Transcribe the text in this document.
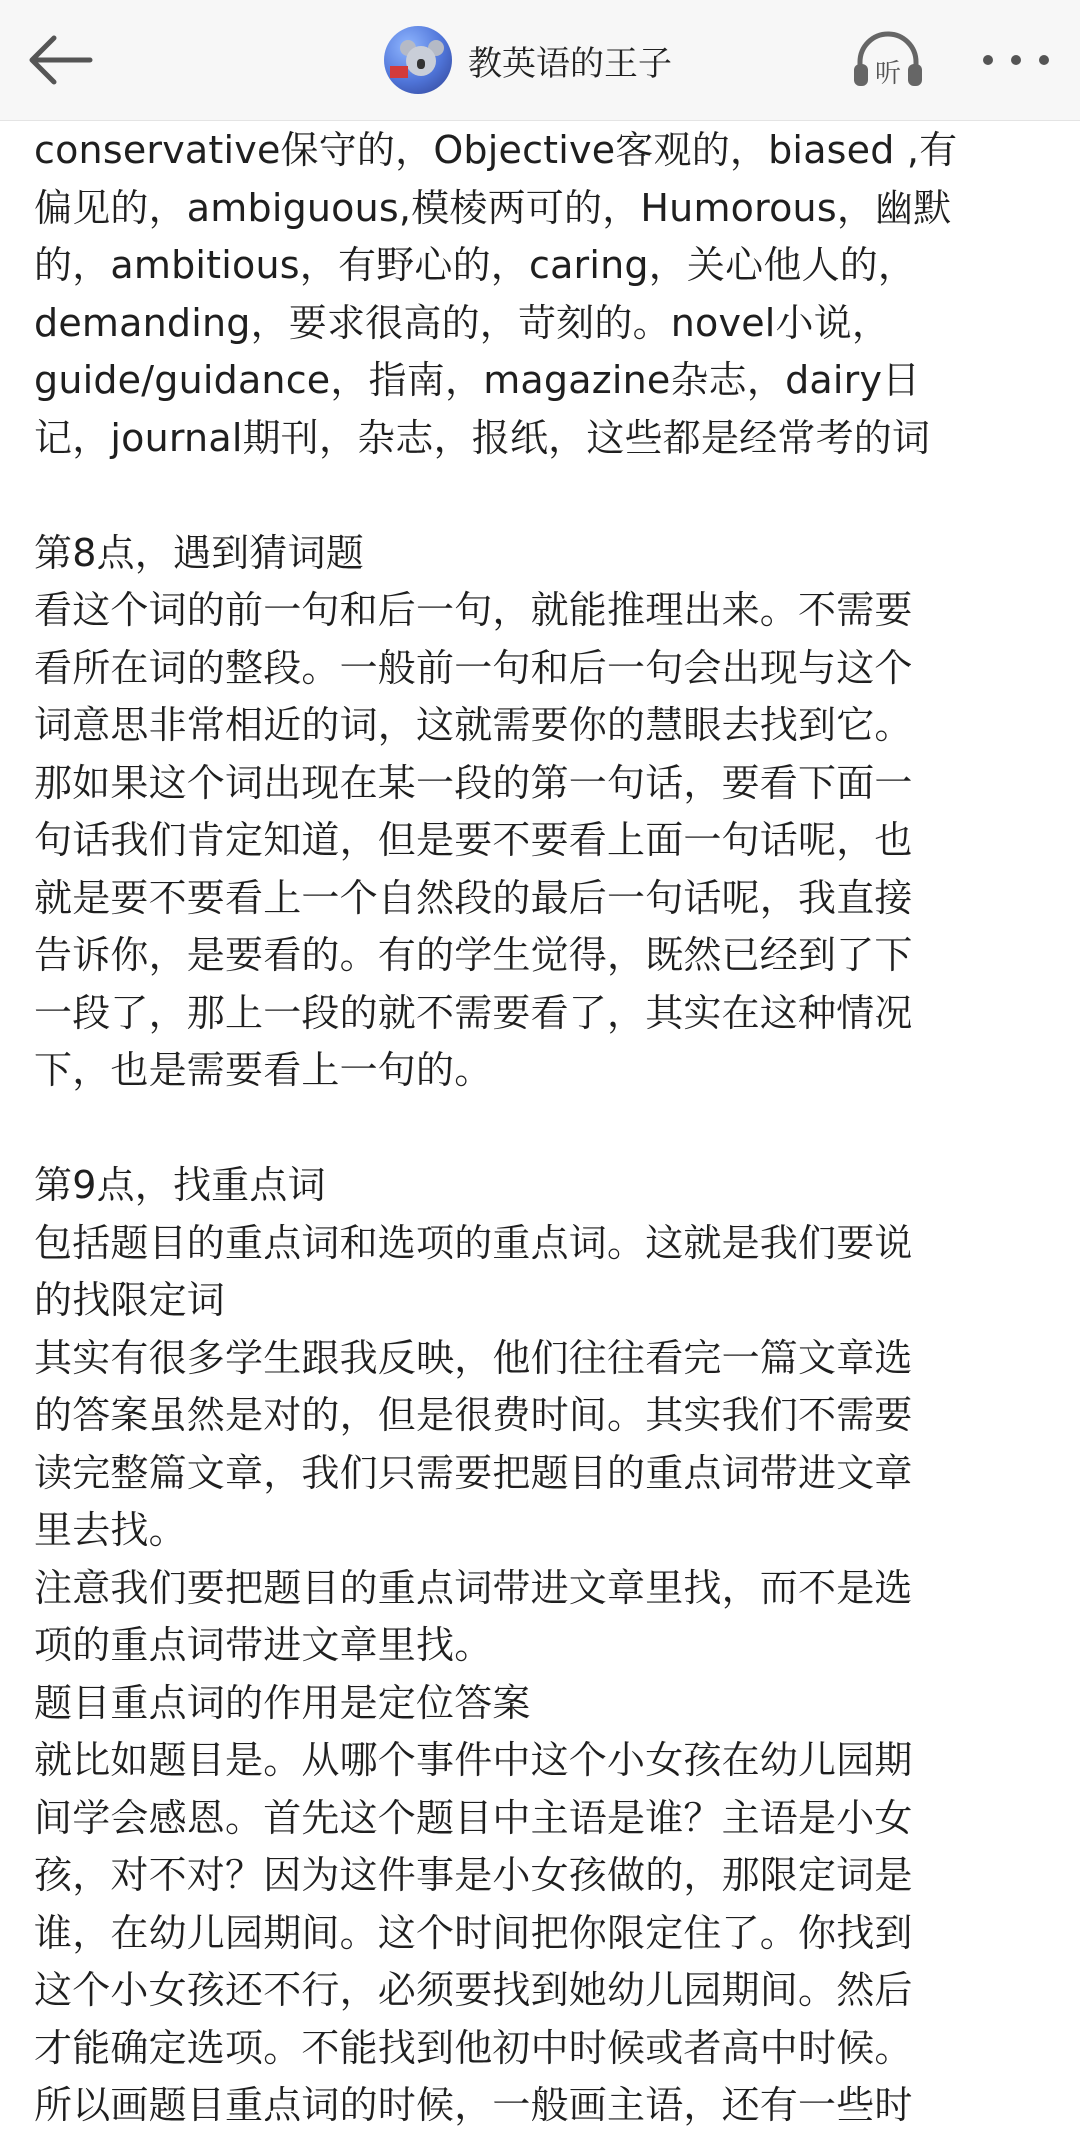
教英语的王子	听
conservative保守的，Objective客观的，biased ,有
偏见的，ambiguous,模棱两可的，Humorous，幽默
的，ambitious，有野心的，caring，关心他人的，
demanding，要求很高的，苛刻的。novel小说，
guide/guidance，指南，magazine杂志，dairy日
记，journal期刊，杂志，报纸，这些都是经常考的词
第8点，遇到猜词题
看这个词的前一句和后一句，就能推理出来。不需要
看所在词的整段。一般前一句和后一句会出现与这个
词意思非常相近的词，这就需要你的慧眼去找到它。
那如果这个词出现在某一段的第一句话，要看下面一
句话我们肯定知道，但是要不要看上面一句话呢，也
就是要不要看上一个自然段的最后一句话呢，我直接
告诉你，是要看的。有的学生觉得，既然已经到了下
一段了，那上一段的就不需要看了，其实在这种情况
下，也是需要看上一句的。
第9点，找重点词
包括题目的重点词和选项的重点词。这就是我们要说
的找限定词
其实有很多学生跟我反映，他们往往看完一篇文章选
的答案虽然是对的，但是很费时间。其实我们不需要
读完整篇文章，我们只需要把题目的重点词带进文章
里去找。
注意我们要把题目的重点词带进文章里找，而不是选
项的重点词带进文章里找。
题目重点词的作用是定位答案
就比如题目是。从哪个事件中这个小女孩在幼儿园期
间学会感恩。首先这个题目中主语是谁？主语是小女
孩，对不对？因为这件事是小女孩做的，那限定词是
谁，在幼儿园期间。这个时间把你限定住了。你找到
这个小女孩还不行，必须要找到她幼儿园期间。然后
才能确定选项。不能找到他初中时候或者高中时候。
所以画题目重点词的时候，一般画主语，还有一些时
